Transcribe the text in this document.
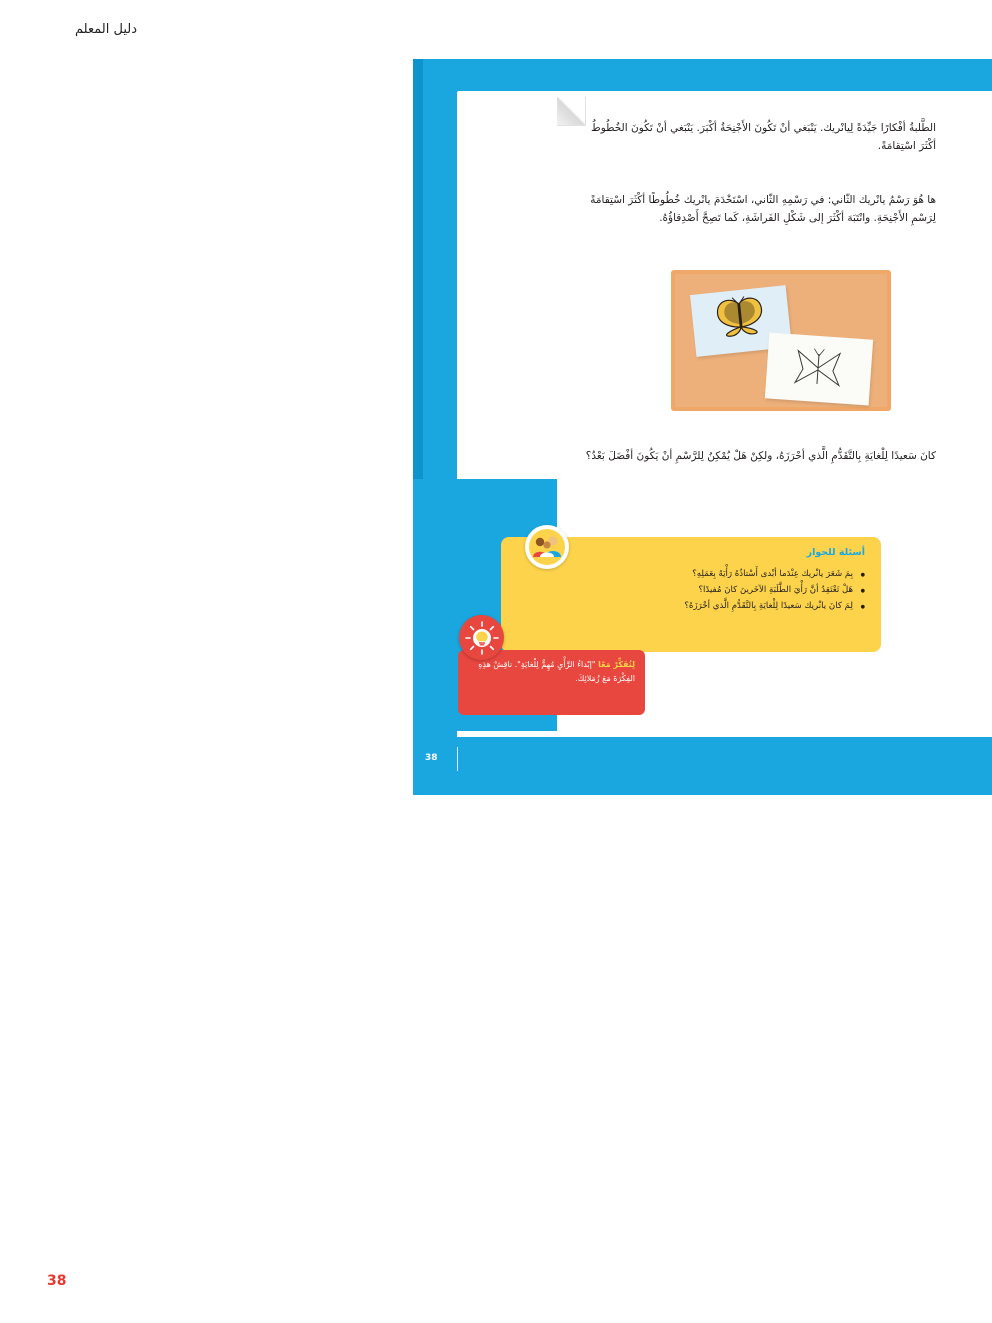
دليل المعلم
الطَّلبةُ أفْكارًا جَيِّدَةً لِيانْريك. يَنْبَغي أنْ تَكُونَ الأَجْنِحَةُ أكْبَرَ. يَنْبَغي أنْ تَكُونَ الخُطُوطُ أكْثَرَ اسْتِقامَةً.
ها هُوَ رَسْمُ يانْريك الثّاني: في رَسْمِهِ الثّاني، اسْتَخْدَمَ يانْريك خُطُوطًا أكْثَرَ اسْتِقامَةً لِرَسْمِ الأَجْنِحَةِ. وانْتَبَهَ أكْثَرَ إلى شَكْلِ الفَراشَةِ، كَما تَصِحَّ أَصْدِقاؤُهُ.
كانَ سَعيدًا لِلْغايَةِ بِالتَّقَدُّمِ الَّذي أحْرَزَهُ، ولكِنْ هَلْ يُمْكِنُ لِلرَّسْمِ أنْ يَكُونَ أفْضَلَ بَعْدُ؟
أسئلة للحوار
● بِمَ شَعَرَ يانْريك عِنْدَما أبْدى أَسْتاذُهُ رَأْيَهُ بِعَمَلِهِ؟
● هَلْ تَعْتَقِدُ أنَّ رَأْيَ الطَّلَبَةِ الآخَرينَ كانَ مُفيدًا؟
● لِمَ كانَ يانْريك سَعيدًا لِلْغايَةِ بِالتَّقَدُّمِ الَّذي أحْرَزَهُ؟
لِنُفَكِّرْ مَعًا "إبْداءُ الرَّأْيِ مُهِمٌّ لِلْغايَةِ". ناقِشْ هذِهِ الفِكْرَةَ مَعَ زُمَلائِكَ.
38
38
